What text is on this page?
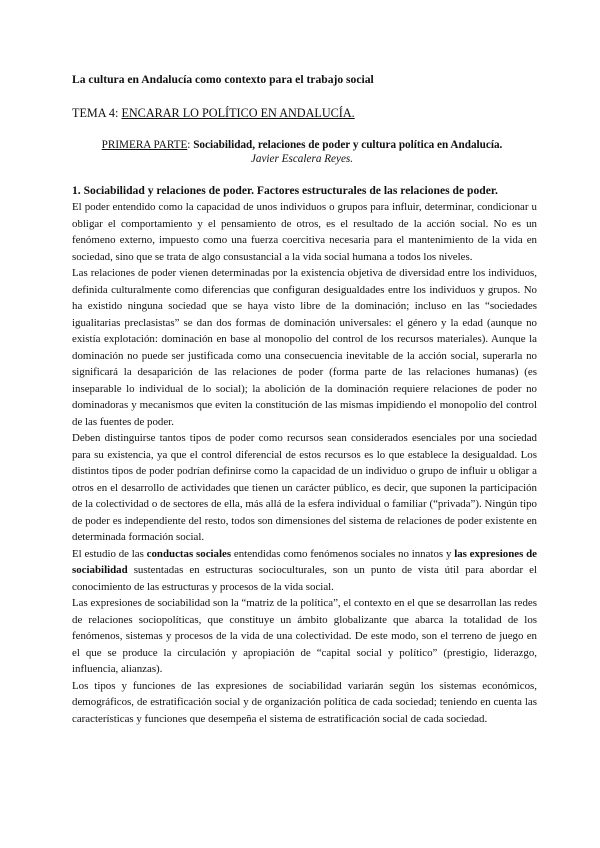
La cultura en Andalucía como contexto para el trabajo social
TEMA 4: ENCARAR LO POLÍTICO EN ANDALUCÍA.
PRIMERA PARTE: Sociabilidad, relaciones de poder y cultura política en Andalucía.
Javier Escalera Reyes.
1. Sociabilidad y relaciones de poder. Factores estructurales de las relaciones de poder.

El poder entendido como la capacidad de unos individuos o grupos para influir, determinar, condicionar u obligar el comportamiento y el pensamiento de otros, es el resultado de la acción social. No es un fenómeno externo, impuesto como una fuerza coercitiva necesaria para el mantenimiento de la vida en sociedad, sino que se trata de algo consustancial a la vida social humana a todos los niveles.

Las relaciones de poder vienen determinadas por la existencia objetiva de diversidad entre los individuos, definida culturalmente como diferencias que configuran desigualdades entre los individuos y grupos. No ha existido ninguna sociedad que se haya visto libre de la dominación; incluso en las “sociedades igualitarias preclasistas” se dan dos formas de dominación universales: el género y la edad (aunque no existía explotación: dominación en base al monopolio del control de los recursos materiales). Aunque la dominación no puede ser justificada como una consecuencia inevitable de la acción social, superarla no significará la desaparición de las relaciones de poder (forma parte de las relaciones humanas) (es inseparable lo individual de lo social); la abolición de la dominación requiere relaciones de poder no dominadoras y mecanismos que eviten la constitución de las mismas impidiendo el monopolio del control de las fuentes de poder.

Deben distinguirse tantos tipos de poder como recursos sean considerados esenciales por una sociedad para su existencia, ya que el control diferencial de estos recursos es lo que establece la desigualdad. Los distintos tipos de poder podrían definirse como la capacidad de un individuo o grupo de influir u obligar a otros en el desarrollo de actividades que tienen un carácter público, es decir, que suponen la participación de la colectividad o de sectores de ella, más allá de la esfera individual o familiar (“privada”). Ningún tipo de poder es independiente del resto, todos son dimensiones del sistema de relaciones de poder existente en determinada formación social.

El estudio de las conductas sociales entendidas como fenómenos sociales no innatos y las expresiones de sociabilidad sustentadas en estructuras socioculturales, son un punto de vista útil para abordar el conocimiento de las estructuras y procesos de la vida social.

Las expresiones de sociabilidad son la “matriz de la política”, el contexto en el que se desarrollan las redes de relaciones sociopolíticas, que constituye un ámbito globalizante que abarca la totalidad de los fenómenos, sistemas y procesos de la vida de una colectividad. De este modo, son el terreno de juego en el que se produce la circulación y apropiación de “capital social y político” (prestigio, liderazgo, influencia, alianzas).

Los tipos y funciones de las expresiones de sociabilidad variarán según los sistemas económicos, demográficos, de estratificación social y de organización política de cada sociedad; teniendo en cuenta las características y funciones que desempeña el sistema de estratificación social de cada sociedad.
